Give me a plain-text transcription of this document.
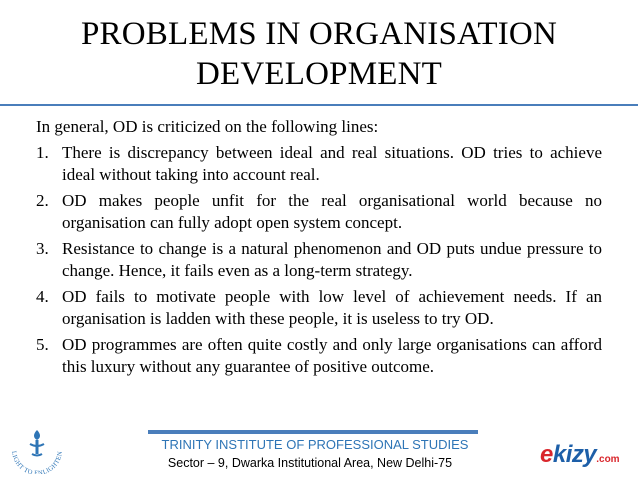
PROBLEMS IN ORGANISATION
DEVELOPMENT

In general, OD is criticized on the following lines:

1. There is discrepancy between ideal and real situations. OD tries to achieve ideal without taking into account real.
2. OD makes people unfit for the real organisational world because no organisation can fully adopt open system concept.
3. Resistance to change is a natural phenomenon and OD puts undue pressure to change. Hence, it fails even as a long-term strategy.
4. OD fails to motivate people with low level of achievement needs. If an organisation is ladden with these people, it is useless to try OD.
5. OD programmes are often quite costly and only large organisations can afford this luxury without any guarantee of positive outcome.
LIGHT TO ENLIGHTEN
TRINITY INSTITUTE OF PROFESSIONAL STUDIES
Sector – 9, Dwarka Institutional Area, New Delhi-75	ekizy.com
